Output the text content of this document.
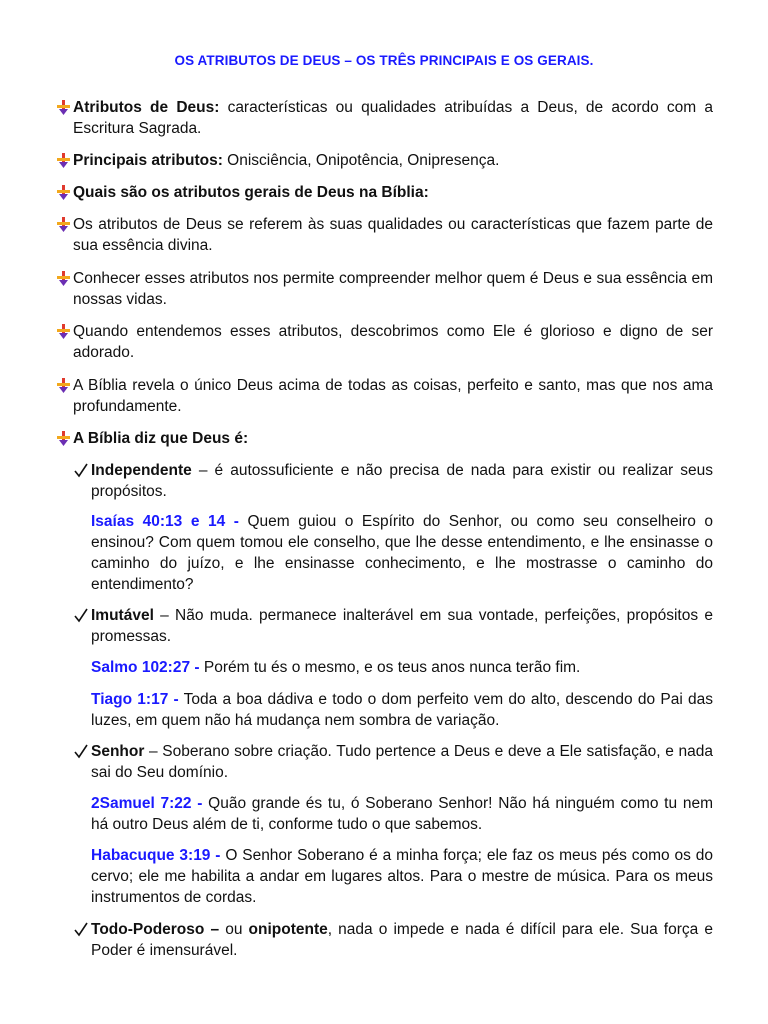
OS ATRIBUTOS DE DEUS – OS TRÊS PRINCIPAIS E OS GERAIS.
Atributos de Deus: características ou qualidades atribuídas a Deus, de acordo com a Escritura Sagrada.
Principais atributos: Onisciência, Onipotência, Onipresença.
Quais são os atributos gerais de Deus na Bíblia:
Os atributos de Deus se referem às suas qualidades ou características que fazem parte de sua essência divina.
Conhecer esses atributos nos permite compreender melhor quem é Deus e sua essência em nossas vidas.
Quando entendemos esses atributos, descobrimos como Ele é glorioso e digno de ser adorado.
A Bíblia revela o único Deus acima de todas as coisas, perfeito e santo, mas que nos ama profundamente.
A Bíblia diz que Deus é:
Independente – é autossuficiente e não precisa de nada para existir ou realizar seus propósitos.
Isaías 40:13 e 14 - Quem guiou o Espírito do Senhor, ou como seu conselheiro o ensinou? Com quem tomou ele conselho, que lhe desse entendimento, e lhe ensinasse o caminho do juízo, e lhe ensinasse conhecimento, e lhe mostrasse o caminho do entendimento?
Imutável – Não muda. permanece inalterável em sua vontade, perfeições, propósitos e promessas.
Salmo 102:27 - Porém tu és o mesmo, e os teus anos nunca terão fim.
Tiago 1:17 - Toda a boa dádiva e todo o dom perfeito vem do alto, descendo do Pai das luzes, em quem não há mudança nem sombra de variação.
Senhor – Soberano sobre criação. Tudo pertence a Deus e deve a Ele satisfação, e nada sai do Seu domínio.
2Samuel 7:22 - Quão grande és tu, ó Soberano Senhor! Não há ninguém como tu nem há outro Deus além de ti, conforme tudo o que sabemos.
Habacuque 3:19 - O Senhor Soberano é a minha força; ele faz os meus pés como os do cervo; ele me habilita a andar em lugares altos. Para o mestre de música. Para os meus instrumentos de cordas.
Todo-Poderoso – ou onipotente, nada o impede e nada é difícil para ele. Sua força e Poder é imensurável.
